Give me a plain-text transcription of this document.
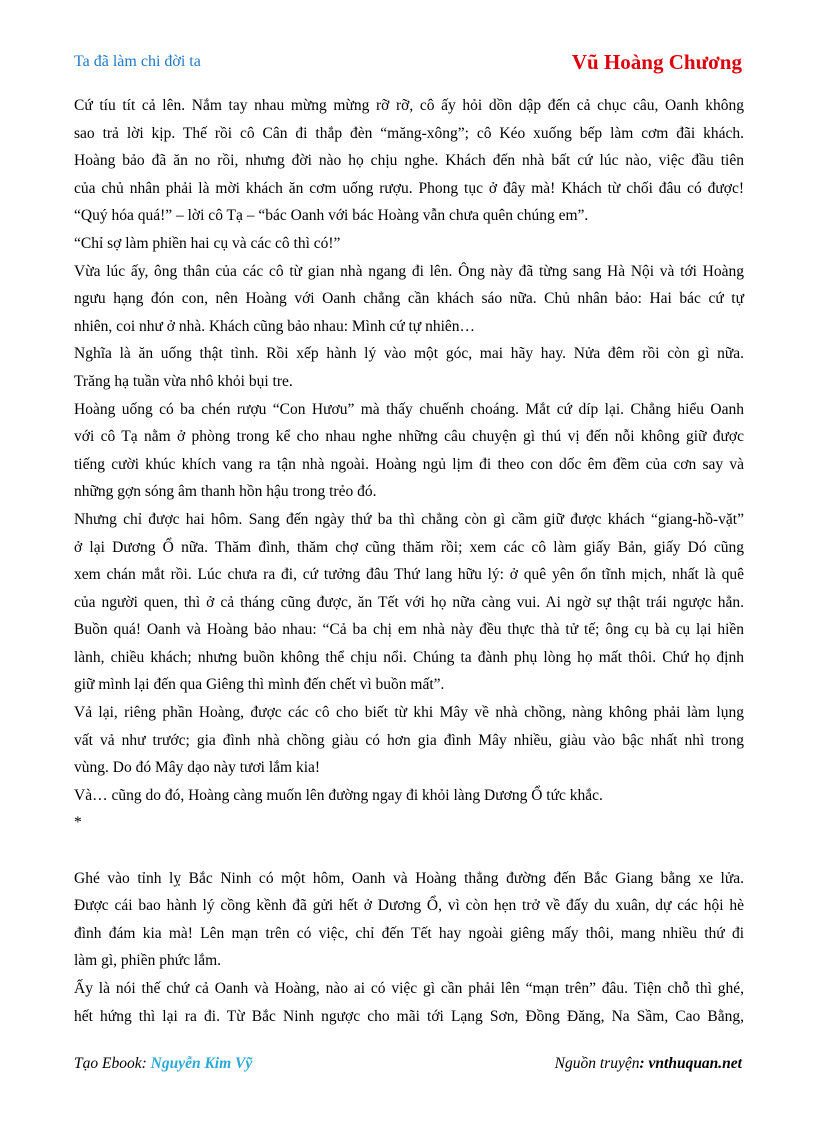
Ta đã làm chi đời ta	Vũ Hoàng Chương
Cứ tíu tít cả lên. Nắm tay nhau mừng mừng rỡ rỡ, cô ấy hỏi dồn dập đến cả chục câu, Oanh không
sao trả lời kịp. Thế rồi cô Cân đi thắp đèn “măng-xông”; cô Kéo xuống bếp làm cơm đãi khách.
Hoàng bảo đã ăn no rồi, nhưng đời nào họ chịu nghe. Khách đến nhà bất cứ lúc nào, việc đầu tiên
của chủ nhân phải là mời khách ăn cơm uống rượu. Phong tục ở đây mà! Khách từ chối đâu có được!
“Quý hóa quá!” – lời cô Tạ – “bác Oanh với bác Hoàng vẫn chưa quên chúng em”.
“Chỉ sợ làm phiền hai cụ và các cô thì có!”
Vừa lúc ấy, ông thân của các cô từ gian nhà ngang đi lên. Ông này đã từng sang Hà Nội và tới Hoàng
ngưu hạng đón con, nên Hoàng với Oanh chẳng cần khách sáo nữa. Chủ nhân bảo: Hai bác cứ tự
nhiên, coi như ở nhà. Khách cũng bảo nhau: Mình cứ tự nhiên…
Nghĩa là ăn uống thật tình. Rồi xếp hành lý vào một góc, mai hãy hay. Nửa đêm rồi còn gì nữa.
Trăng hạ tuần vừa nhô khỏi bụi tre.
Hoàng uống có ba chén rượu “Con Hươu” mà thấy chuếnh choáng. Mắt cứ díp lại. Chẳng hiểu Oanh
với cô Tạ nằm ở phòng trong kể cho nhau nghe những câu chuyện gì thú vị đến nỗi không giữ được
tiếng cười khúc khích vang ra tận nhà ngoài. Hoàng ngủ lịm đi theo con dốc êm đềm của cơn say và
những gợn sóng âm thanh hồn hậu trong trẻo đó.
Nhưng chỉ được hai hôm. Sang đến ngày thứ ba thì chẳng còn gì cầm giữ được khách “giang-hồ-vặt”
ở lại Dương Ổ nữa. Thăm đình, thăm chợ cũng thăm rồi; xem các cô làm giấy Bản, giấy Dó cũng
xem chán mắt rồi. Lúc chưa ra đi, cứ tưởng đâu Thứ lang hữu lý: ở quê yên ổn tĩnh mịch, nhất là quê
của người quen, thì ở cả tháng cũng được, ăn Tết với họ nữa càng vui. Ai ngờ sự thật trái ngược hẳn.
Buồn quá! Oanh và Hoàng bảo nhau: “Cả ba chị em nhà này đều thực thà tử tế; ông cụ bà cụ lại hiền
lành, chiều khách; nhưng buồn không thể chịu nổi. Chúng ta đành phụ lòng họ mất thôi. Chứ họ định
giữ mình lại đến qua Giêng thì mình đến chết vì buồn mất”.
Vả lại, riêng phần Hoàng, được các cô cho biết từ khi Mây về nhà chồng, nàng không phải làm lụng
vất vả như trước; gia đình nhà chồng giàu có hơn gia đình Mây nhiều, giàu vào bậc nhất nhì trong
vùng. Do đó Mây dạo này tươi lắm kia!
Và… cũng do đó, Hoàng càng muốn lên đường ngay đi khỏi làng Dương Ổ tức khắc.
*
Ghé vào tỉnh lỵ Bắc Ninh có một hôm, Oanh và Hoàng thẳng đường đến Bắc Giang bằng xe lửa.
Được cái bao hành lý cồng kềnh đã gửi hết ở Dương Ổ, vì còn hẹn trở về đấy du xuân, dự các hội hè
đình đám kia mà! Lên mạn trên có việc, chỉ đến Tết hay ngoài giêng mấy thôi, mang nhiều thứ đi
làm gì, phiền phức lắm.
Ấy là nói thế chứ cả Oanh và Hoàng, nào ai có việc gì cần phải lên “mạn trên” đâu. Tiện chỗ thì ghé,
hết hứng thì lại ra đi. Từ Bắc Ninh ngược cho mãi tới Lạng Sơn, Đồng Đăng, Na Sầm, Cao Bằng,
Tạo Ebook: Nguyễn Kim Vỹ	Nguồn truyện: vnthuquan.net
